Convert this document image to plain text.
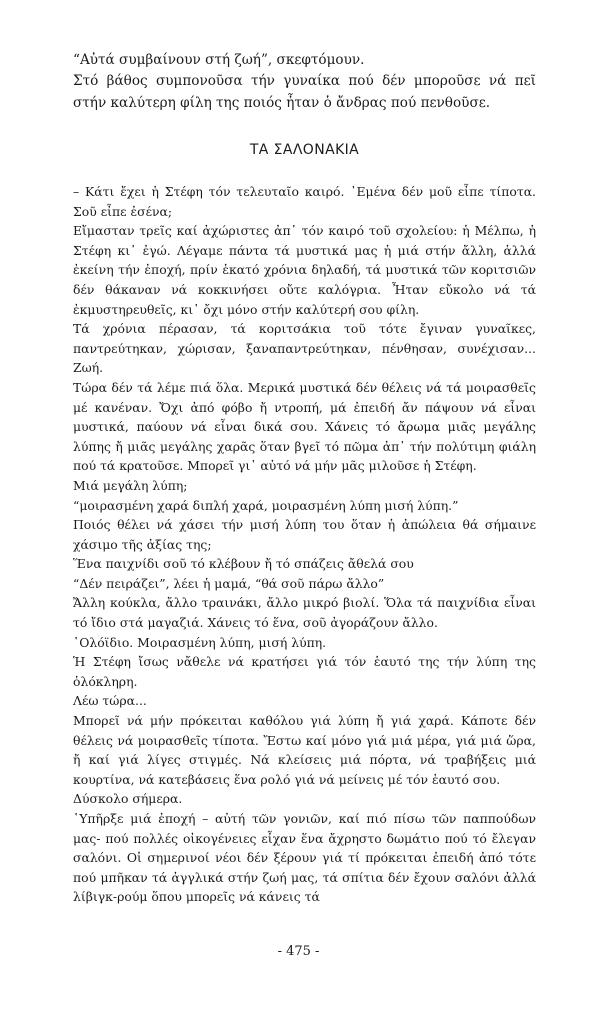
“Αὐτά συμβαίνουν στή ζωή”, σκεφτόμουν.

Στό βάθος συμπονοῦσα τήν γυναίκα πού δέν μποροῦσε νά πεῖ στήν καλύτερη φίλη της ποιός ἦταν ὁ ἄνδρας πού πενθοῦσε.

ΤΑ ΣΑΛΟΝΑΚΙΑ

– Κάτι ἔχει ἡ Στέφη τόν τελευταῖο καιρό. ᾽Εμένα δέν μοῦ εἶπε τίποτα. Σοῦ εἶπε ἐσένα;

Εἴμασταν τρεῖς καί ἀχώριστες ἀπ᾽ τόν καιρό τοῦ σχολείου: ἡ Μέλπω, ἡ Στέφη κι᾽ ἐγώ. Λέγαμε πάντα τά μυστικά μας ἡ μιά στήν ἄλλη, ἀλλά ἐκείνη τήν ἐποχή, πρίν ἑκατό χρόνια δηλαδή, τά μυστικά τῶν κοριτσιῶν δέν θάκαναν νά κοκκινήσει οὔτε καλόγρια. Ἦταν εὔκολο νά τά ἐκμυστηρευθεῖς, κι᾽ ὄχι μόνο στήν καλύτερή σου φίλη.

Τά χρόνια πέρασαν, τά κοριτσάκια τοῦ τότε ἔγιναν γυναῖκες, παντρεύτηκαν, χώρισαν, ξαναπαντρεύτηκαν, πένθησαν, συνέχισαν... Ζωή.

Τώρα δέν τά λέμε πιά ὅλα. Μερικά μυστικά δέν θέλεις νά τά μοιρασθεῖς μέ κανέναν. Ὄχι ἀπό φόβο ἤ ντροπή, μά ἐπειδή ἄν πάψουν νά εἶναι μυστικά, παύουν νά εἶναι δικά σου. Χάνεις τό ἄρωμα μιᾶς μεγάλης λύπης ἤ μιᾶς μεγάλης χαρᾶς ὅταν βγεῖ τό πῶμα ἀπ᾽ τήν πολύτιμη φιάλη πού τά κρατοῦσε. Μπορεῖ γι᾽ αὐτό νά μήν μᾶς μιλοῦσε ἡ Στέφη.

Μιά μεγάλη λύπη;

“μοιρασμένη χαρά διπλή χαρά, μοιρασμένη λύπη μισή λύπη.”

Ποιός θέλει νά χάσει τήν μισή λύπη του ὅταν ἡ ἀπώλεια θά σήμαινε χάσιμο τῆς ἀξίας της;

Ἕνα παιχνίδι σοῦ τό κλέβουν ἤ τό σπάζεις ἄθελά σου

“Δέν πειράζει”, λέει ἡ μαμά, “θά σοῦ πάρω ἄλλο”

Ἄλλη κούκλα, ἄλλο τραινάκι, ἄλλο μικρό βιολί. Ὅλα τά παιχνίδια εἶναι τό ἴδιο στά μαγαζιά. Χάνεις τό ἕνα, σοῦ ἀγοράζουν ἄλλο.

῾Ολόϊδιο. Μοιρασμένη λύπη, μισή λύπη.

Ἡ Στέφη ἴσως νἄθελε νά κρατήσει γιά τόν ἑαυτό της τήν λύπη της ὁλόκληρη.

Λέω τώρα...

Μπορεῖ νά μήν πρόκειται καθόλου γιά λύπη ἤ γιά χαρά. Κάποτε δέν θέλεις νά μοιρασθεῖς τίποτα. Ἔστω καί μόνο γιά μιά μέρα, γιά μιά ὥρα, ἤ καί γιά λίγες στιγμές. Νά κλείσεις μιά πόρτα, νά τραβήξεις μιά κουρτίνα, νά κατεβάσεις ἕνα ρολό γιά νά μείνεις μέ τόν ἑαυτό σου.

Δύσκολο σήμερα.

῾Υπῆρξε μιά ἐποχή – αὐτή τῶν γονιῶν, καί πιό πίσω τῶν παππούδων μας- πού πολλές οἰκογένειες εἶχαν ἕνα ἄχρηστο δωμάτιο πού τό ἔλεγαν σαλόνι. Οἱ σημερινοί νέοι δέν ξέρουν γιά τί πρόκειται ἐπειδή ἀπό τότε πού μπῆκαν τά ἀγγλικά στήν ζωή μας, τά σπίτια δέν ἔχουν σαλόνι ἀλλά λίβιγκ-ρούμ ὅπου μπορεῖς νά κάνεις τά

- 475 -
